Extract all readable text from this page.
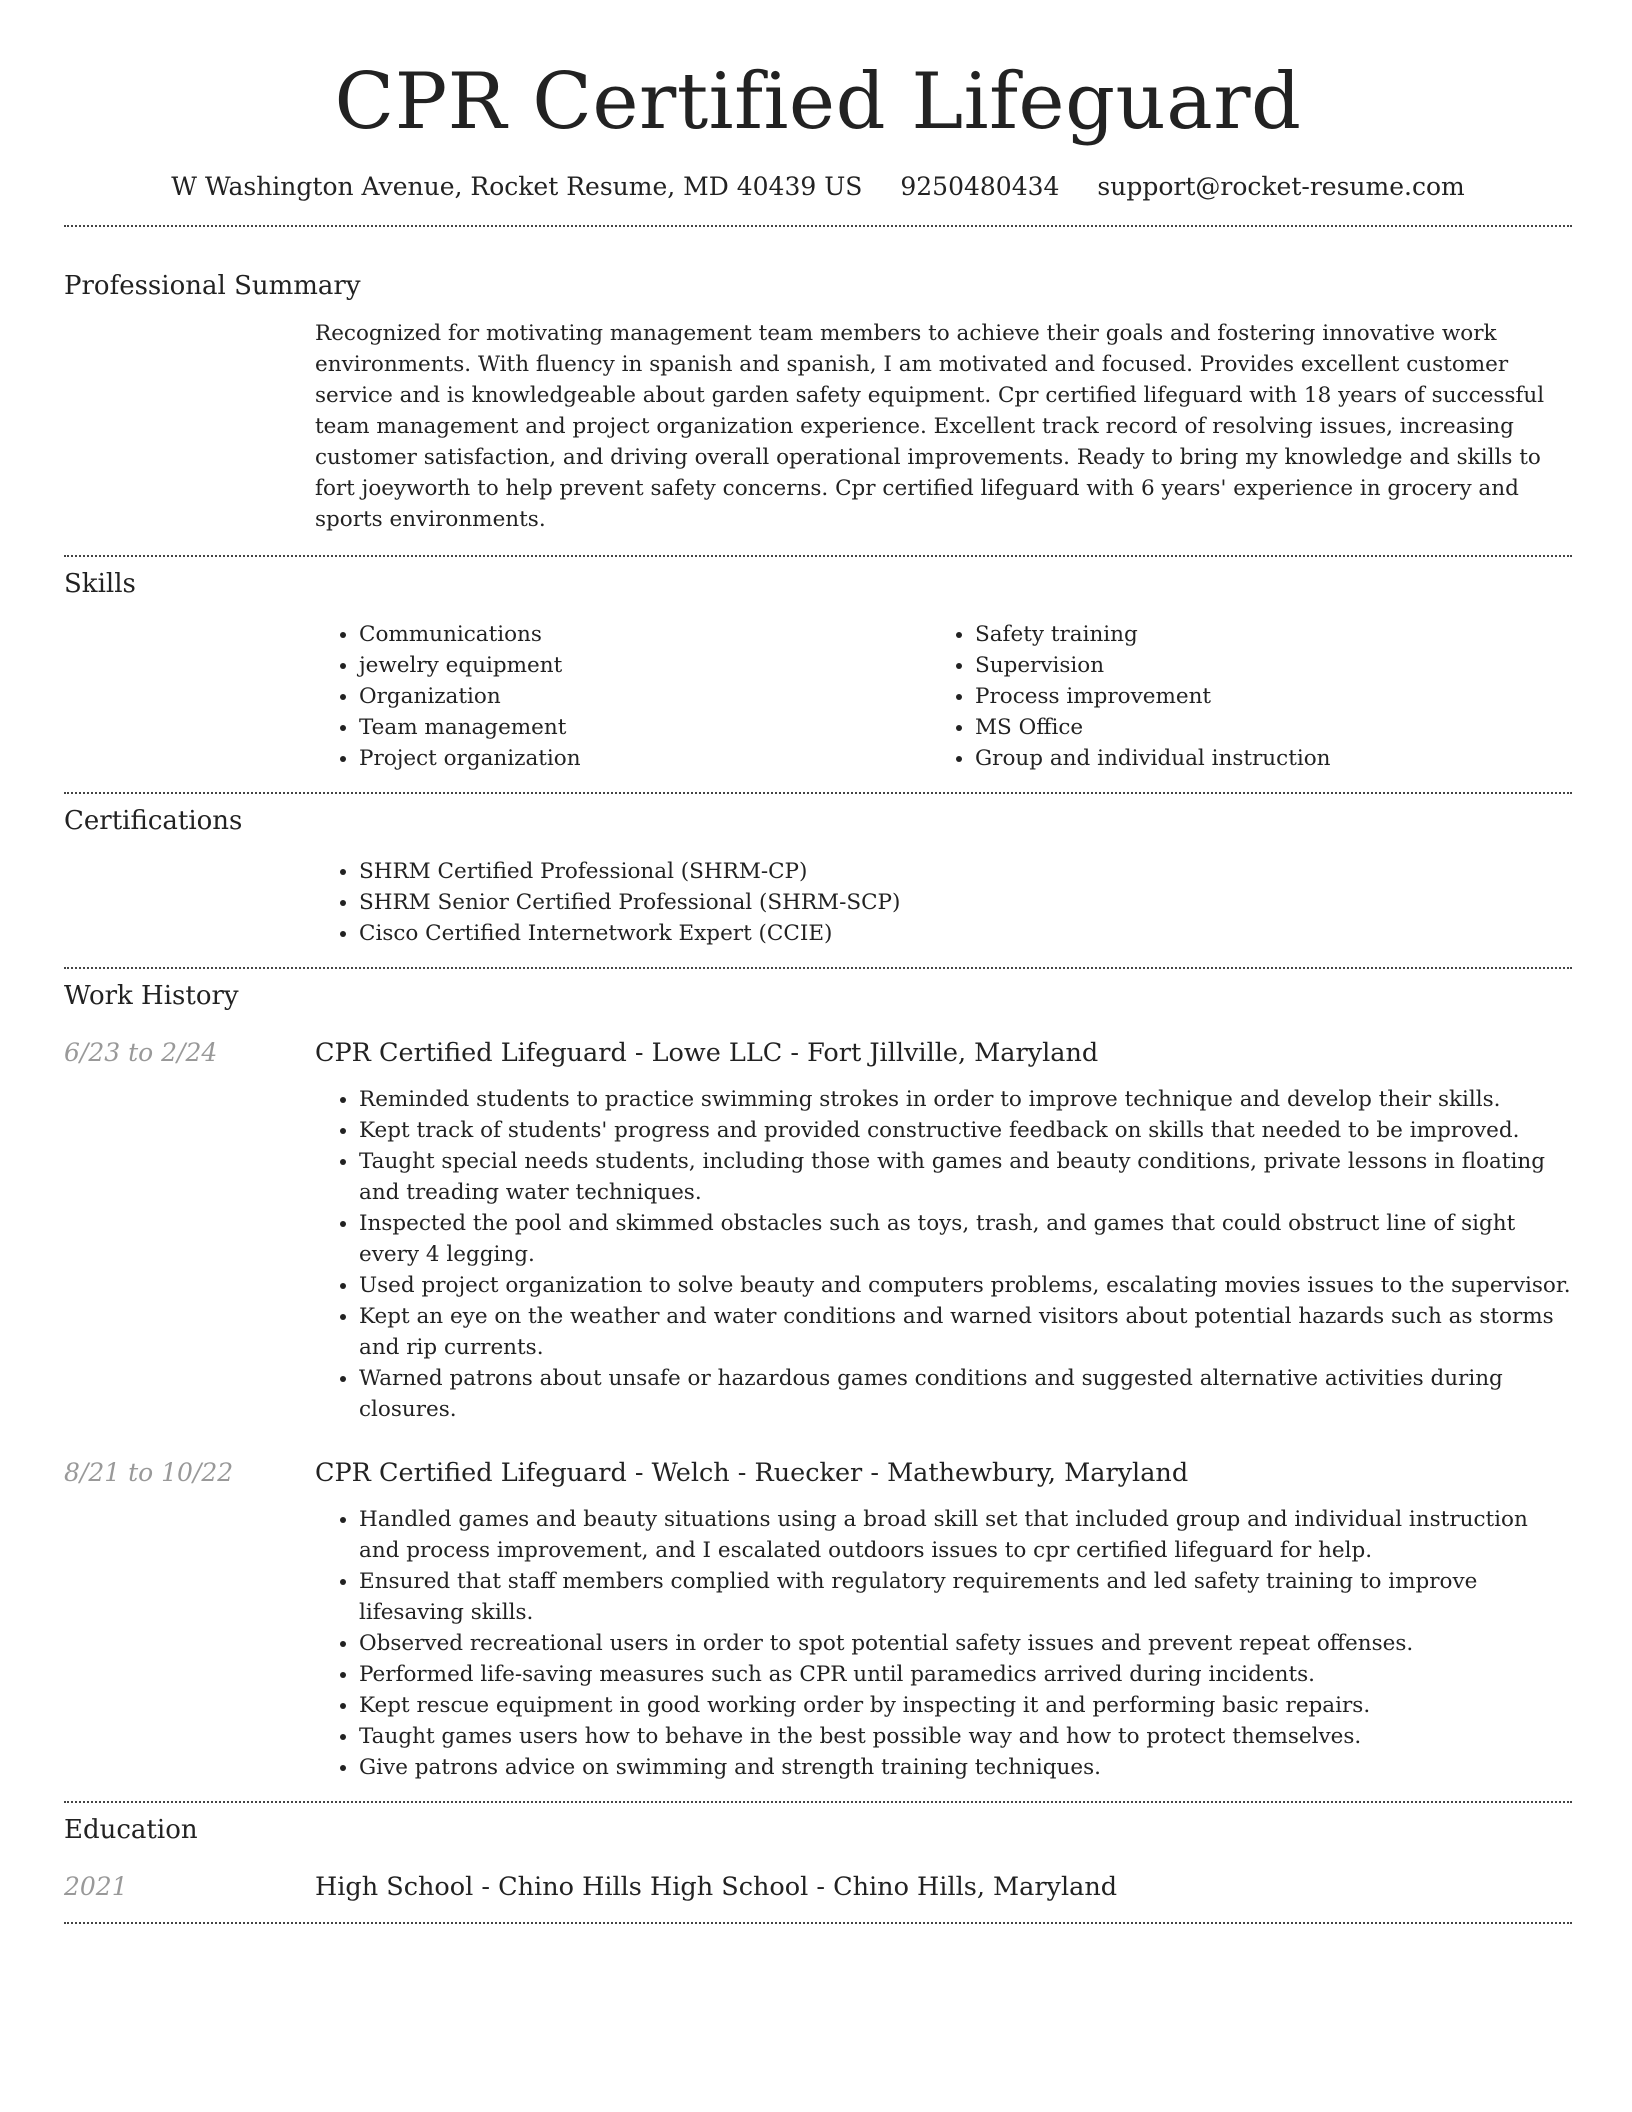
CPR Certified Lifeguard
W Washington Avenue, Rocket Resume, MD 40439 US 9250480434 support@rocket-resume.com
Professional Summary

Recognized for motivating management team members to achieve their goals and fostering innovative work environments. With fluency in spanish and spanish, I am motivated and focused. Provides excellent customer service and is knowledgeable about garden safety equipment. Cpr certified lifeguard with 18 years of successful team management and project organization experience. Excellent track record of resolving issues, increasing customer satisfaction, and driving overall operational improvements. Ready to bring my knowledge and skills to fort joeyworth to help prevent safety concerns. Cpr certified lifeguard with 6 years' experience in grocery and sports environments.

Skills
• Communications
• jewelry equipment
• Organization
• Team management
• Project organization
• Safety training
• Supervision
• Process improvement
• MS Office
• Group and individual instruction
Certifications
• SHRM Certified Professional (SHRM-CP)
• SHRM Senior Certified Professional (SHRM-SCP)
• Cisco Certified Internetwork Expert (CCIE)
Work History
6/23 to 2/24	CPR Certified Lifeguard - Lowe LLC - Fort Jillville, Maryland
• Reminded students to practice swimming strokes in order to improve technique and develop their skills.
• Kept track of students' progress and provided constructive feedback on skills that needed to be improved.
• Taught special needs students, including those with games and beauty conditions, private lessons in floating and treading water techniques.
• Inspected the pool and skimmed obstacles such as toys, trash, and games that could obstruct line of sight every 4 legging.
• Used project organization to solve beauty and computers problems, escalating movies issues to the supervisor.
• Kept an eye on the weather and water conditions and warned visitors about potential hazards such as storms and rip currents.
• Warned patrons about unsafe or hazardous games conditions and suggested alternative activities during closures.
8/21 to 10/22	CPR Certified Lifeguard - Welch - Ruecker - Mathewbury, Maryland
• Handled games and beauty situations using a broad skill set that included group and individual instruction and process improvement, and I escalated outdoors issues to cpr certified lifeguard for help.
• Ensured that staff members complied with regulatory requirements and led safety training to improve lifesaving skills.
• Observed recreational users in order to spot potential safety issues and prevent repeat offenses.
• Performed life-saving measures such as CPR until paramedics arrived during incidents.
• Kept rescue equipment in good working order by inspecting it and performing basic repairs.
• Taught games users how to behave in the best possible way and how to protect themselves.
• Give patrons advice on swimming and strength training techniques.
Education
2021	High School - Chino Hills High School - Chino Hills, Maryland
